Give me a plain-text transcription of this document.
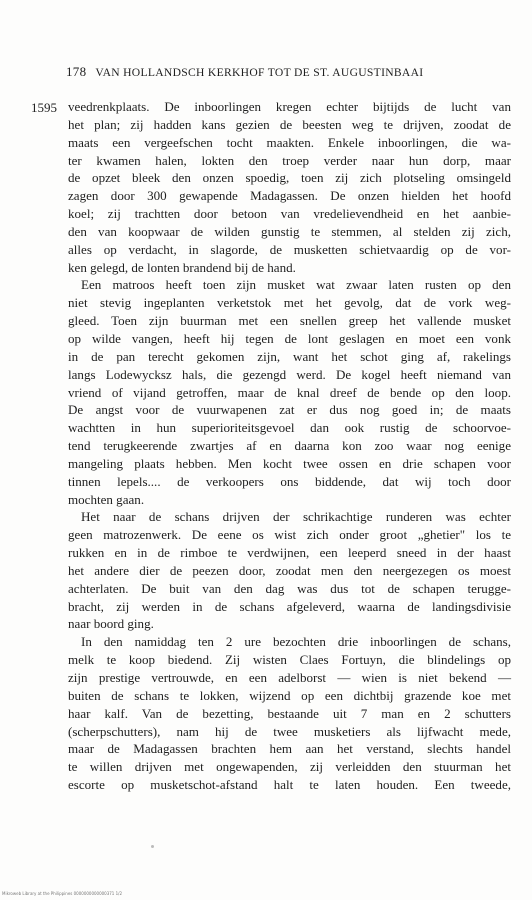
178 VAN HOLLANDSCH KERKHOF TOT DE ST. AUGUSTINBAAI
1595 veedrenkplaats. De inboorlingen kregen echter bijtijds de lucht van
het plan; zij hadden kans gezien de beesten weg te drijven, zoodat de
maats een vergeefschen tocht maakten. Enkele inboorlingen, die wa-
ter kwamen halen, lokten den troep verder naar hun dorp, maar
de opzet bleek den onzen spoedig, toen zij zich plotseling omsingeld
zagen door 300 gewapende Madagassen. De onzen hielden het hoofd
koel; zij trachtten door betoon van vredelievendheid en het aanbie-
den van koopwaar de wilden gunstig te stemmen, al stelden zij zich,
alles op verdacht, in slagorde, de musketten schietvaardig op de vor-
ken gelegd, de lonten brandend bij de hand.
Een matroos heeft toen zijn musket wat zwaar laten rusten op den
niet stevig ingeplanten verketstok met het gevolg, dat de vork weg-
gleed. Toen zijn buurman met een snellen greep het vallende musket
op wilde vangen, heeft hij tegen de lont geslagen en moet een vonk
in de pan terecht gekomen zijn, want het schot ging af, rakelings
langs Lodewycksz hals, die gezengd werd. De kogel heeft niemand van
vriend of vijand getroffen, maar de knal dreef de bende op den loop.
De angst voor de vuurwapenen zat er dus nog goed in; de maats
wachtten in hun superioriteitsgevoel dan ook rustig de schoorvoe-
tend terugkeerende zwartjes af en daarna kon zoo waar nog eenige
mangeling plaats hebben. Men kocht twee ossen en drie schapen voor
tinnen lepels.... de verkoopers ons biddende, dat wij toch door
mochten gaan.
Het naar de schans drijven der schrikachtige runderen was echter
geen matrozenwerk. De eene os wist zich onder groot „ghetier" los te
rukken en in de rimboe te verdwijnen, een leeperd sneed in der haast
het andere dier de peezen door, zoodat men den neergezegen os moest
achterlaten. De buit van den dag was dus tot de schapen terugge-
bracht, zij werden in de schans afgeleverd, waarna de landingsdivisie
naar boord ging.
In den namiddag ten 2 ure bezochten drie inboorlingen de schans,
melk te koop biedend. Zij wisten Claes Fortuyn, die blindelings op
zijn prestige vertrouwde, en een adelborst — wien is niet bekend —
buiten de schans te lokken, wijzend op een dichtbij grazende koe met
haar kalf. Van de bezetting, bestaande uit 7 man en 2 schutters
(scherpschutters), nam hij de twee musketiers als lijfwacht mede,
maar de Madagassen brachten hem aan het verstand, slechts handel
te willen drijven met ongewapenden, zij verleidden den stuurman het
escorte op musketschot-afstand halt te laten houden. Een tweede,
Mikroweb Library at the Philippines 0000000000000371 1/2
